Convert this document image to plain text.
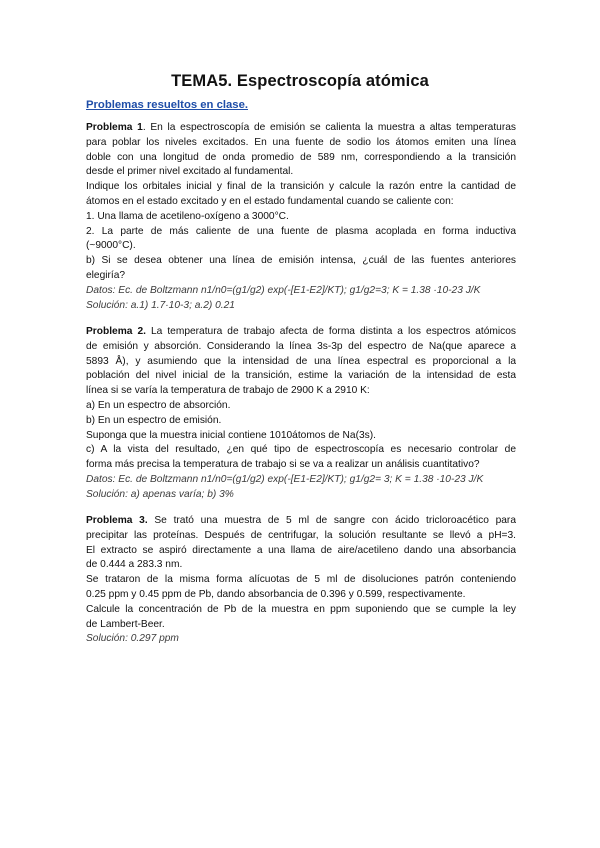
TEMA5. Espectroscopía atómica
Problemas resueltos en clase.
Problema 1. En la espectroscopía de emisión se calienta la muestra a altas temperaturas
para poblar los niveles excitados. En una fuente de sodio los átomos emiten una línea
doble con una longitud de onda promedio de 589 nm, correspondiendo a la transición
desde el primer nivel excitado al fundamental.
Indique los orbitales inicial y final de la transición y calcule la razón entre la cantidad de
átomos en el estado excitado y en el estado fundamental cuando se caliente con:
1. Una llama de acetileno-oxígeno a 3000°C.
2. La parte de más caliente de una fuente de plasma acoplada en forma inductiva
(~9000°C).
b) Si se desea obtener una línea de emisión intensa, ¿cuál de las fuentes anteriores
elegiría?
Datos: Ec. de Boltzmann n1/n0=(g1/g2) exp(-[E1-E2]/KT); g1/g2=3; K = 1.38 ·10-23 J/K
Solución: a.1) 1.7·10-3; a.2) 0.21
Problema 2. La temperatura de trabajo afecta de forma distinta a los espectros atómicos
de emisión y absorción. Considerando la línea 3s-3p del espectro de Na(que aparece a
5893 Å), y asumiendo que la intensidad de una línea espectral es proporcional a la
población del nivel inicial de la transición, estime la variación de la intensidad de esta
línea si se varía la temperatura de trabajo de 2900 K a 2910 K:
a) En un espectro de absorción.
b) En un espectro de emisión.
Suponga que la muestra inicial contiene 1010átomos de Na(3s).
c) A la vista del resultado, ¿en qué tipo de espectroscopía es necesario controlar de
forma más precisa la temperatura de trabajo si se va a realizar un análisis cuantitativo?
Datos: Ec. de Boltzmann n1/n0=(g1/g2) exp(-[E1-E2]/KT); g1/g2= 3; K = 1.38 ·10-23 J/K
Solución: a) apenas varía; b) 3%
Problema 3. Se trató una muestra de 5 ml de sangre con ácido tricloroacético para
precipitar las proteínas. Después de centrifugar, la solución resultante se llevó a pH=3.
El extracto se aspiró directamente a una llama de aire/acetileno dando una absorbancia
de 0.444 a 283.3 nm.
Se trataron de la misma forma alícuotas de 5 ml de disoluciones patrón conteniendo
0.25 ppm y 0.45 ppm de Pb, dando absorbancia de 0.396 y 0.599, respectivamente.
Calcule la concentración de Pb de la muestra en ppm suponiendo que se cumple la ley
de Lambert-Beer.
Solución: 0.297 ppm
